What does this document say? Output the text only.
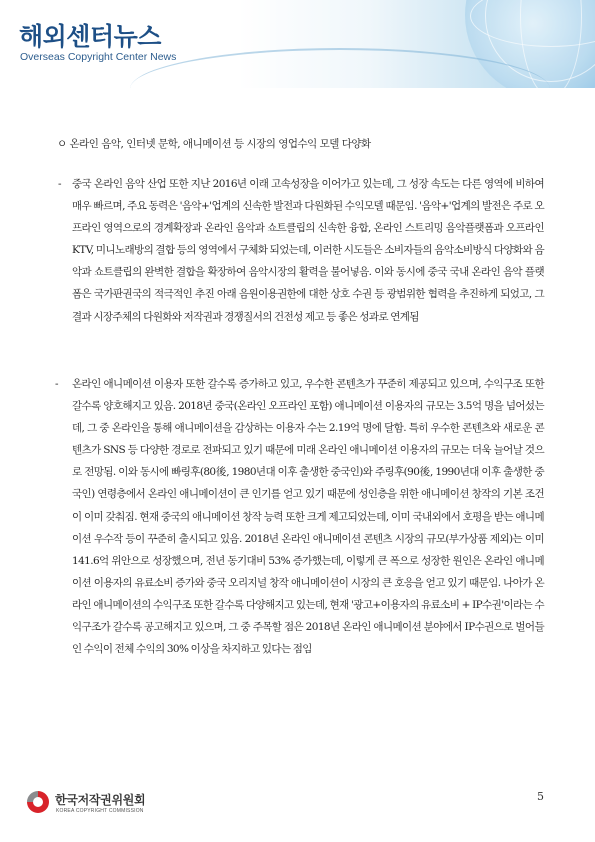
해외센터뉴스
Overseas Copyright Center News
ㅇ 온라인 음악, 인터넷 문학, 애니메이션 등 시장의 영업수익 모델 다양화
- 중국 온라인 음악 산업 또한 지난 2016년 이래 고속성장을 이어가고 있는데, 그 성장 속도는 다른 영역에 비하여 매우 빠르며, 주요 동력은 '음악+'업계의 신속한 발전과 다원화된 수익모델 때문임. '음악+'업계의 발전은 주로 오프라인 영역으로의 경계확장과 온라인 음악과 쇼트클립의 신속한 융합, 온라인 스트리밍 음악플랫폼과 오프라인 KTV, 미니노래방의 결합 등의 영역에서 구체화 되었는데, 이러한 시도들은 소비자들의 음악소비방식 다양화와 음악과 쇼트클립의 완벽한 결합을 확장하여 음악시장의 활력을 불어넣음. 이와 동시에 중국 국내 온라인 음악 플랫폼은 국가판권국의 적극적인 추진 아래 음원이용권한에 대한 상호 수권 등 광범위한 협력을 추진하게 되었고, 그 결과 시장주체의 다원화와 저작권과 경쟁질서의 건전성 제고 등 좋은 성과로 연계됨
- 온라인 애니메이션 이용자 또한 갈수록 증가하고 있고, 우수한 콘텐츠가 꾸준히 제공되고 있으며, 수익구조 또한 갈수록 양호해지고 있음. 2018년 중국(온라인 오프라인 포함) 애니메이션 이용자의 규모는 3.5억 명을 넘어섰는데, 그 중 온라인을 통해 애니메이션을 감상하는 이용자 수는 2.19억 명에 달함. 특히 우수한 콘텐츠와 새로운 콘텐츠가 SNS 등 다양한 경로로 전파되고 있기 때문에 미래 온라인 애니메이션 이용자의 규모는 더욱 늘어날 것으로 전망됨. 이와 동시에 빠링후(80後, 1980년대 이후 출생한 중국인)와 주링후(90後, 1990년대 이후 출생한 중국인) 연령층에서 온라인 애니메이션이 큰 인기를 얻고 있기 때문에 성인층을 위한 애니메이션 창작의 기본 조건이 이미 갖춰짐. 현재 중국의 애니메이션 창작 능력 또한 크게 제고되었는데, 이미 국내외에서 호평을 받는 애니메이션 우수작 등이 꾸준히 출시되고 있음. 2018년 온라인 애니메이션 콘텐츠 시장의 규모(부가상품 제외)는 이미 141.6억 위안으로 성장했으며, 전년 동기대비 53% 증가했는데, 이렇게 큰 폭으로 성장한 원인은 온라인 애니메이션 이용자의 유료소비 증가와 중국 오리지널 창작 애니메이션이 시장의 큰 호응을 얻고 있기 때문임. 나아가 온라인 애니메이션의 수익구조 또한 갈수록 다양해지고 있는데, 현재 '광고+이용자의 유료소비 + IP수권'이라는 수익구조가 갈수록 공고해지고 있으며, 그 중 주목할 점은 2018년 온라인 애니메이션 분야에서 IP수권으로 벌어들인 수익이 전체 수익의 30% 이상을 차지하고 있다는 점임
한국저작권위원회
KOREA COPYRIGHT COMMISSION
5
